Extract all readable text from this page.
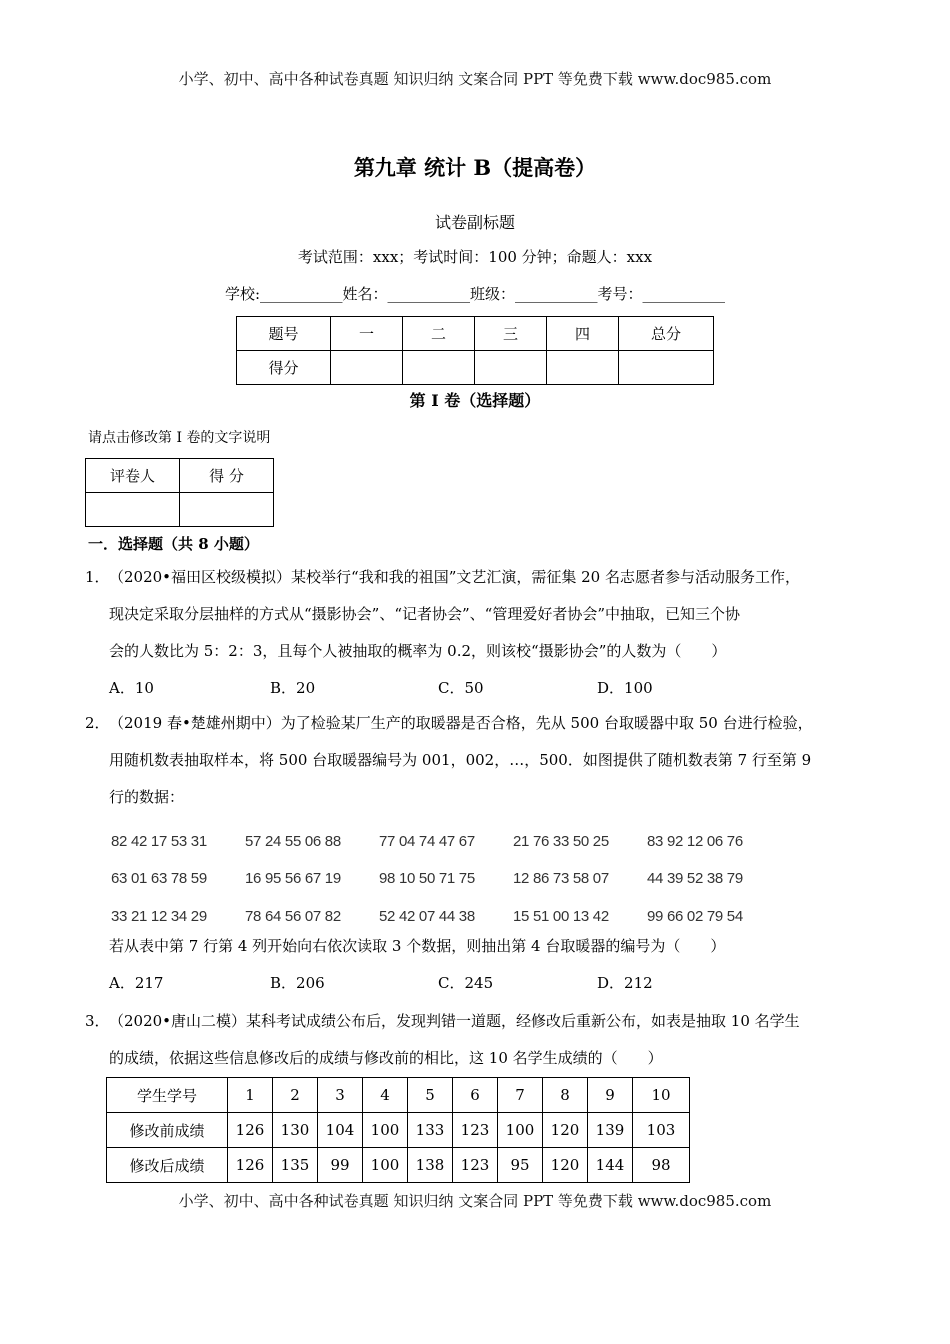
小学、初中、高中各种试卷真题 知识归纳 文案合同 PPT 等免费下载 www.doc985.com
第九章 统计 B（提高卷）
试卷副标题
考试范围：xxx；考试时间：100 分钟；命题人：xxx
学校:___________姓名：___________班级：___________考号：___________
题号	一	二	三	四	总分
得分					
第 I 卷（选择题）
请点击修改第 I 卷的文字说明
评卷人	得 分

一．选择题（共 8 小题）
1． （2020•福田区校级模拟）某校举行“我和我的祖国”文艺汇演，需征集 20 名志愿者参与活动服务工作，
现决定采取分层抽样的方式从“摄影协会”、“记者协会”、“管理爱好者协会”中抽取，已知三个协
会的人数比为 5：2：3，且每个人被抽取的概率为 0.2，则该校“摄影协会”的人数为（　　）
A．10	B．20	C．50	D．100
2． （2019 春•楚雄州期中）为了检验某厂生产的取暖器是否合格，先从 500 台取暖器中取 50 台进行检验，
用随机数表抽取样本，将 500 台取暖器编号为 001，002，…，500．如图提供了随机数表第 7 行至第 9
行的数据：
82 42 17 53 31	57 24 55 06 88	77 04 74 47 67	21 76 33 50 25	83 92 12 06 76
63 01 63 78 59	16 95 56 67 19	98 10 50 71 75	12 86 73 58 07	44 39 52 38 79
33 21 12 34 29	78 64 56 07 82	52 42 07 44 38	15 51 00 13 42	99 66 02 79 54
若从表中第 7 行第 4 列开始向右依次读取 3 个数据，则抽出第 4 台取暖器的编号为（　　）
A．217	B．206	C．245	D．212
3． （2020•唐山二模）某科考试成绩公布后，发现判错一道题，经修改后重新公布，如表是抽取 10 名学生
的成绩，依据这些信息修改后的成绩与修改前的相比，这 10 名学生成绩的（　　）
学生学号	1	2	3	4	5	6	7	8	9	10
修改前成绩	126	130	104	100	133	123	100	120	139	103
修改后成绩	126	135	99	100	138	123	95	120	144	98
小学、初中、高中各种试卷真题 知识归纳 文案合同 PPT 等免费下载 www.doc985.com
